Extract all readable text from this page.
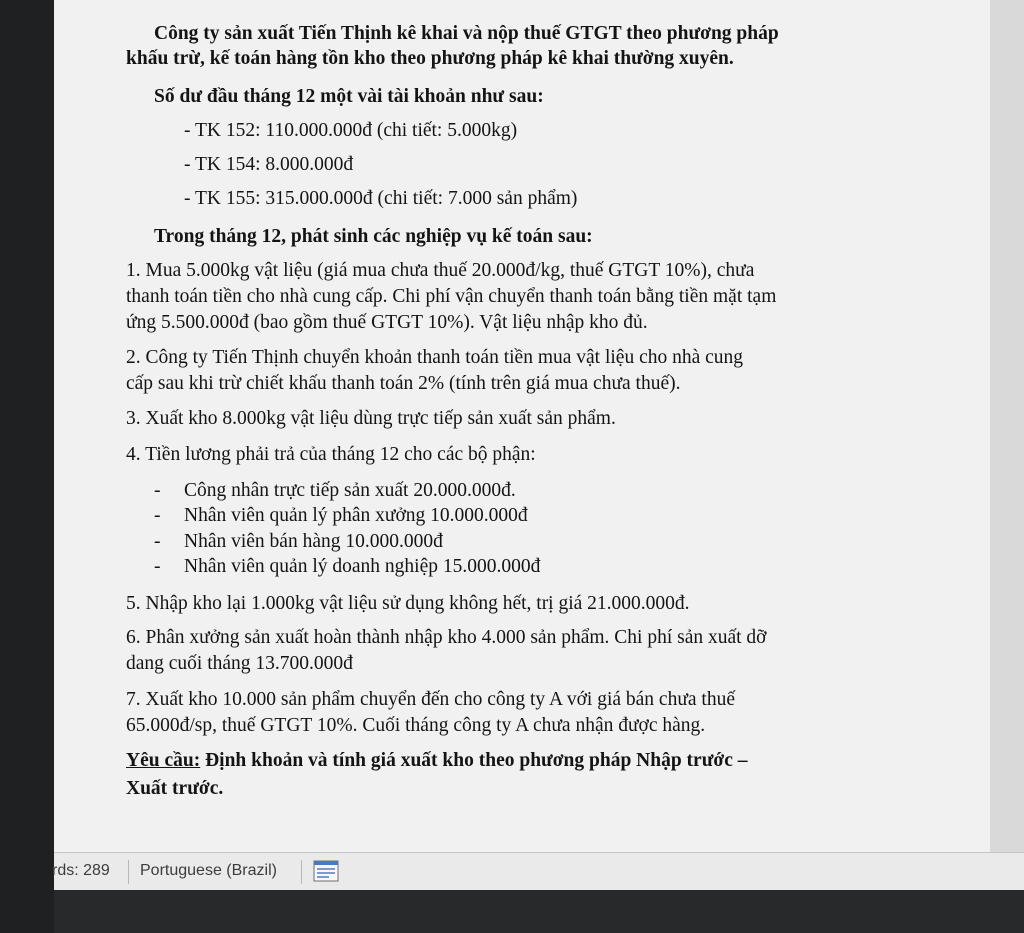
Công ty sản xuất Tiến Thịnh kê khai và nộp thuế GTGT theo phương pháp
khấu trừ, kế toán hàng tồn kho theo phương pháp kê khai thường xuyên.
Số dư đầu tháng 12 một vài tài khoản như sau:
- TK 152: 110.000.000đ (chi tiết: 5.000kg)
- TK 154: 8.000.000đ
- TK 155: 315.000.000đ (chi tiết: 7.000 sản phẩm)
Trong tháng 12, phát sinh các nghiệp vụ kế toán sau:
1. Mua 5.000kg vật liệu (giá mua chưa thuế 20.000đ/kg, thuế GTGT 10%), chưa
thanh toán tiền cho nhà cung cấp. Chi phí vận chuyển thanh toán bằng tiền mặt tạm
ứng 5.500.000đ (bao gồm thuế GTGT 10%). Vật liệu nhập kho đủ.
2. Công ty Tiến Thịnh chuyển khoản thanh toán tiền mua vật liệu cho nhà cung
cấp sau khi trừ chiết khấu thanh toán 2% (tính trên giá mua chưa thuế).
3. Xuất kho 8.000kg vật liệu dùng trực tiếp sản xuất sản phẩm.
4. Tiền lương phải trả của tháng 12 cho các bộ phận:
- Công nhân trực tiếp sản xuất 20.000.000đ.
- Nhân viên quản lý phân xưởng 10.000.000đ
- Nhân viên bán hàng 10.000.000đ
- Nhân viên quản lý doanh nghiệp 15.000.000đ
5. Nhập kho lại 1.000kg vật liệu sử dụng không hết, trị giá 21.000.000đ.
6. Phân xưởng sản xuất hoàn thành nhập kho 4.000 sản phẩm. Chi phí sản xuất dỡ
dang cuối tháng 13.700.000đ
7. Xuất kho 10.000 sản phẩm chuyển đến cho công ty A với giá bán chưa thuế
65.000đ/sp, thuế GTGT 10%. Cuối tháng công ty A chưa nhận được hàng.
Yêu cầu: Định khoản và tính giá xuất kho theo phương pháp Nhập trước –
Xuất trước.
rds: 289 Portuguese (Brazil)
